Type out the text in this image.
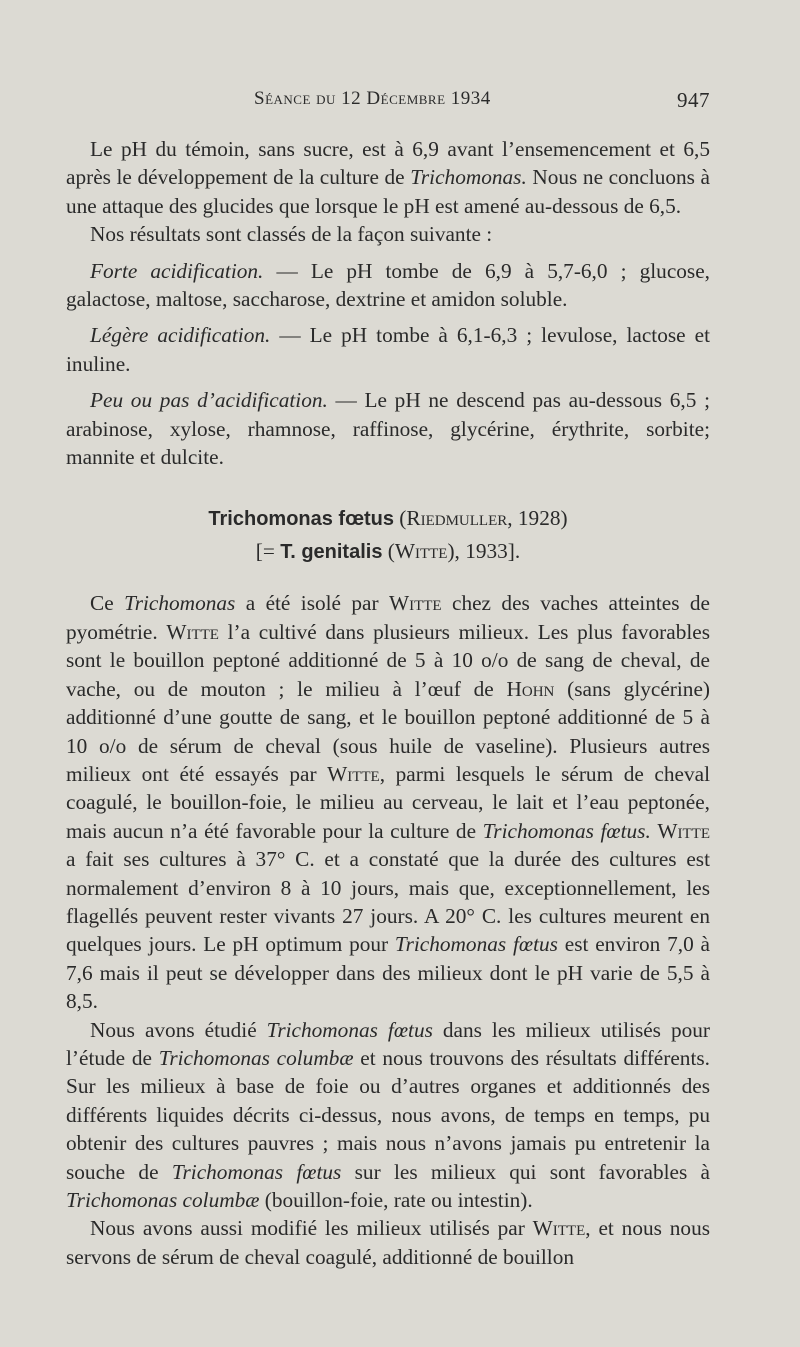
Séance du 12 Décembre 1934	947

Le pH du témoin, sans sucre, est à 6,9 avant l’ensemencement et 6,5 après le développement de la culture de Trichomonas. Nous ne concluons à une attaque des glucides que lorsque le pH est amené au-dessous de 6,5.

Nos résultats sont classés de la façon suivante :

Forte acidification. — Le pH tombe de 6,9 à 5,7-6,0 ; glucose, galactose, maltose, saccharose, dextrine et amidon soluble.

Légère acidification. — Le pH tombe à 6,1-6,3 ; levulose, lactose et inuline.

Peu ou pas d’acidification. — Le pH ne descend pas au-dessous 6,5 ; arabinose, xylose, rhamnose, raffinose, glycérine, érythrite, sorbite; mannite et dulcite.

Trichomonas fœtus (Riedmuller, 1928)

[= T. genitalis (Witte), 1933].

Ce Trichomonas a été isolé par Witte chez des vaches atteintes de pyométrie. Witte l’a cultivé dans plusieurs milieux. Les plus favorables sont le bouillon peptoné additionné de 5 à 10 o/o de sang de cheval, de vache, ou de mouton ; le milieu à l’œuf de Hohn (sans glycérine) additionné d’une goutte de sang, et le bouillon peptoné additionné de 5 à 10 o/o de sérum de cheval (sous huile de vaseline). Plusieurs autres milieux ont été essayés par Witte, parmi lesquels le sérum de cheval coagulé, le bouillon-foie, le milieu au cerveau, le lait et l’eau peptonée, mais aucun n’a été favorable pour la culture de Trichomonas fœtus. Witte a fait ses cultures à 37° C. et a constaté que la durée des cultures est normalement d’environ 8 à 10 jours, mais que, exceptionnellement, les flagellés peuvent rester vivants 27 jours. A 20° C. les cultures meurent en quelques jours. Le pH optimum pour Trichomonas fœtus est environ 7,0 à 7,6 mais il peut se développer dans des milieux dont le pH varie de 5,5 à 8,5.

Nous avons étudié Trichomonas fœtus dans les milieux utilisés pour l’étude de Trichomonas columbæ et nous trouvons des résultats différents. Sur les milieux à base de foie ou d’autres organes et additionnés des différents liquides décrits ci-dessus, nous avons, de temps en temps, pu obtenir des cultures pauvres ; mais nous n’avons jamais pu entretenir la souche de Trichomonas fœtus sur les milieux qui sont favorables à Trichomonas columbæ (bouillon-foie, rate ou intestin).

Nous avons aussi modifié les milieux utilisés par Witte, et nous nous servons de sérum de cheval coagulé, additionné de bouillon
